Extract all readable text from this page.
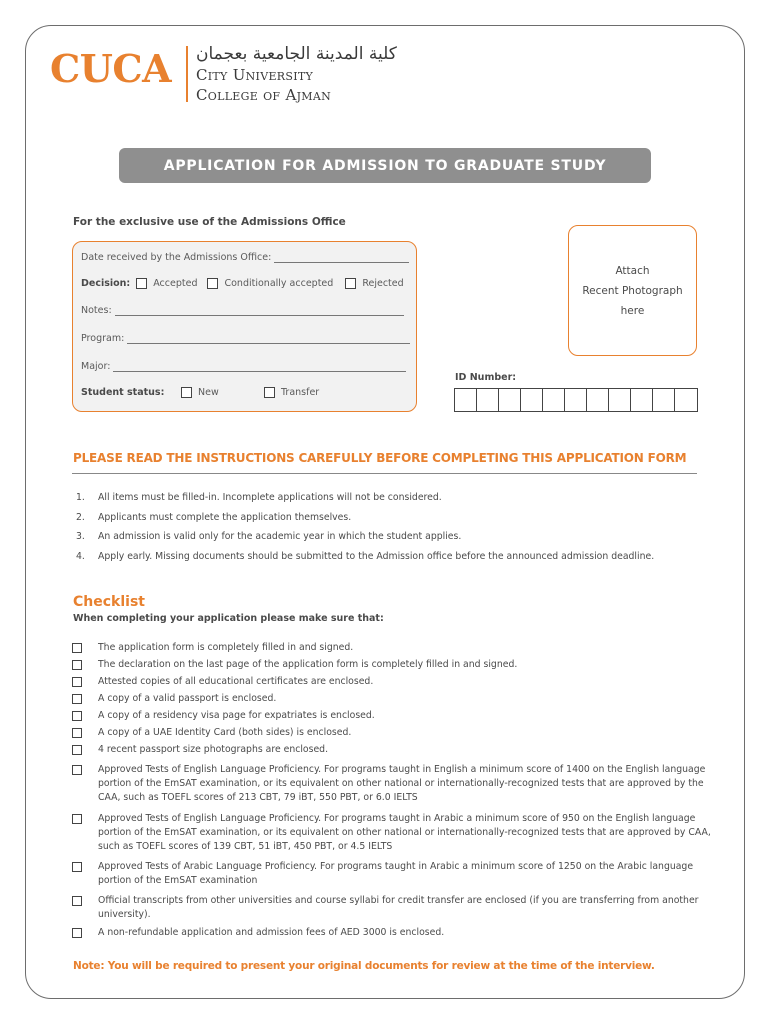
CUCA كلية المدينة الجامعية بعجمان
City University
College of Ajman
APPLICATION FOR ADMISSION TO GRADUATE STUDY
For the exclusive use of the Admissions Office
Date received by the Admissions Office:
Decision: Accepted	Conditionally accepted	Rejected
Notes:
Program:
Major:
Student status:	New	Transfer
Attach
Recent Photograph
here
ID Number:
PLEASE READ THE INSTRUCTIONS CAREFULLY BEFORE COMPLETING THIS APPLICATION FORM
1.	All items must be filled-in. Incomplete applications will not be considered.
2.	Applicants must complete the application themselves.
3.	An admission is valid only for the academic year in which the student applies.
4.	Apply early. Missing documents should be submitted to the Admission office before the announced admission deadline.
Checklist
When completing your application please make sure that:
The application form is completely filled in and signed.
The declaration on the last page of the application form is completely filled in and signed.
Attested copies of all educational certificates are enclosed.
A copy of a valid passport is enclosed.
A copy of a residency visa page for expatriates is enclosed.
A copy of a UAE Identity Card (both sides) is enclosed.
4 recent passport size photographs are enclosed.
Approved Tests of English Language Proficiency. For programs taught in English a minimum score of 1400 on the English language portion of the EmSAT examination, or its equivalent on other national or internationally-recognized tests that are approved by the CAA, such as TOEFL scores of 213 CBT, 79 iBT, 550 PBT, or 6.0 IELTS
Approved Tests of English Language Proficiency. For programs taught in Arabic a minimum score of 950 on the English language portion of the EmSAT examination, or its equivalent on other national or internationally-recognized tests that are approved by CAA, such as TOEFL scores of 139 CBT, 51 iBT, 450 PBT, or 4.5 IELTS
Approved Tests of Arabic Language Proficiency. For programs taught in Arabic a minimum score of 1250 on the Arabic language portion of the EmSAT examination
Official transcripts from other universities and course syllabi for credit transfer are enclosed (if you are transferring from another university).
A non-refundable application and admission fees of AED 3000 is enclosed.
Note: You will be required to present your original documents for review at the time of the interview.
